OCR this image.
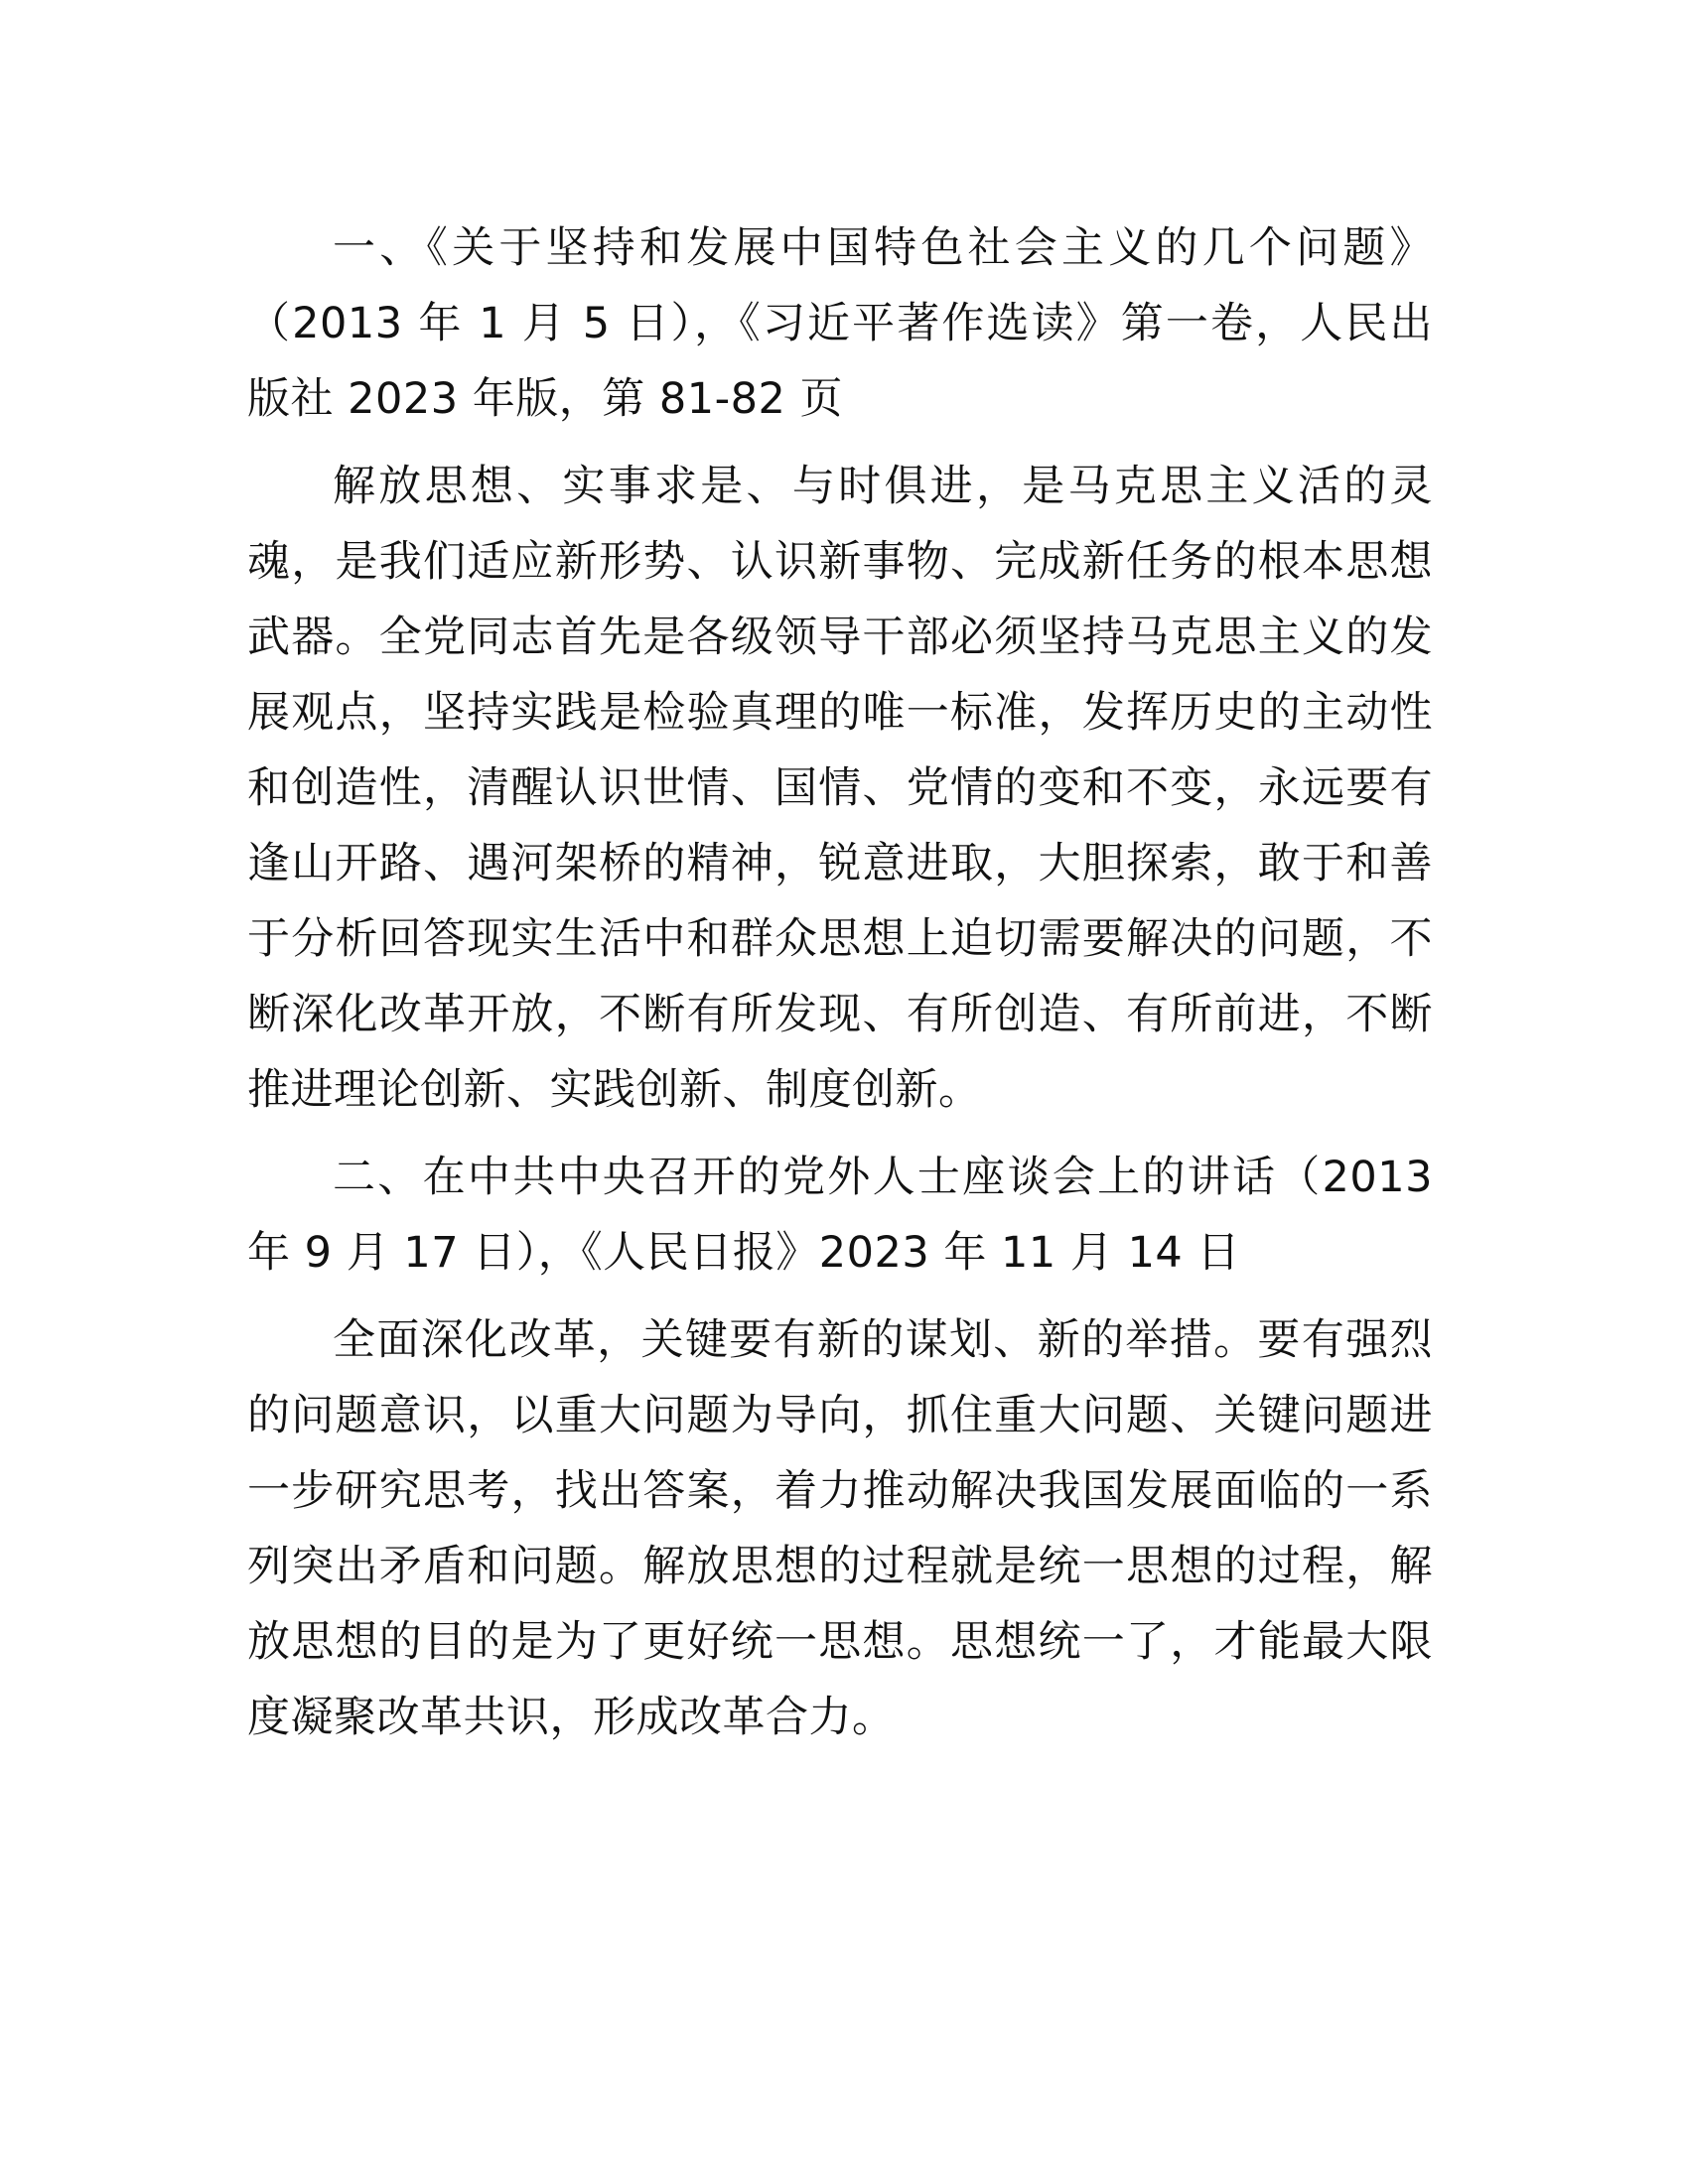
一、《关于坚持和发展中国特色社会主义的几个问题》（2013 年 1 月 5 日），《习近平著作选读》第一卷，人民出版社 2023 年版，第 81-82 页

解放思想、实事求是、与时俱进，是马克思主义活的灵魂，是我们适应新形势、认识新事物、完成新任务的根本思想武器。全党同志首先是各级领导干部必须坚持马克思主义的发展观点，坚持实践是检验真理的唯一标准，发挥历史的主动性和创造性，清醒认识世情、国情、党情的变和不变，永远要有逢山开路、遇河架桥的精神，锐意进取，大胆探索，敢于和善于分析回答现实生活中和群众思想上迫切需要解决的问题，不断深化改革开放，不断有所发现、有所创造、有所前进，不断推进理论创新、实践创新、制度创新。

二、在中共中央召开的党外人士座谈会上的讲话（2013 年 9 月 17 日），《人民日报》2023 年 11 月 14 日

全面深化改革，关键要有新的谋划、新的举措。要有强烈的问题意识，以重大问题为导向，抓住重大问题、关键问题进一步研究思考，找出答案，着力推动解决我国发展面临的一系列突出矛盾和问题。解放思想的过程就是统一思想的过程，解放思想的目的是为了更好统一思想。思想统一了，才能最大限度凝聚改革共识，形成改革合力。
